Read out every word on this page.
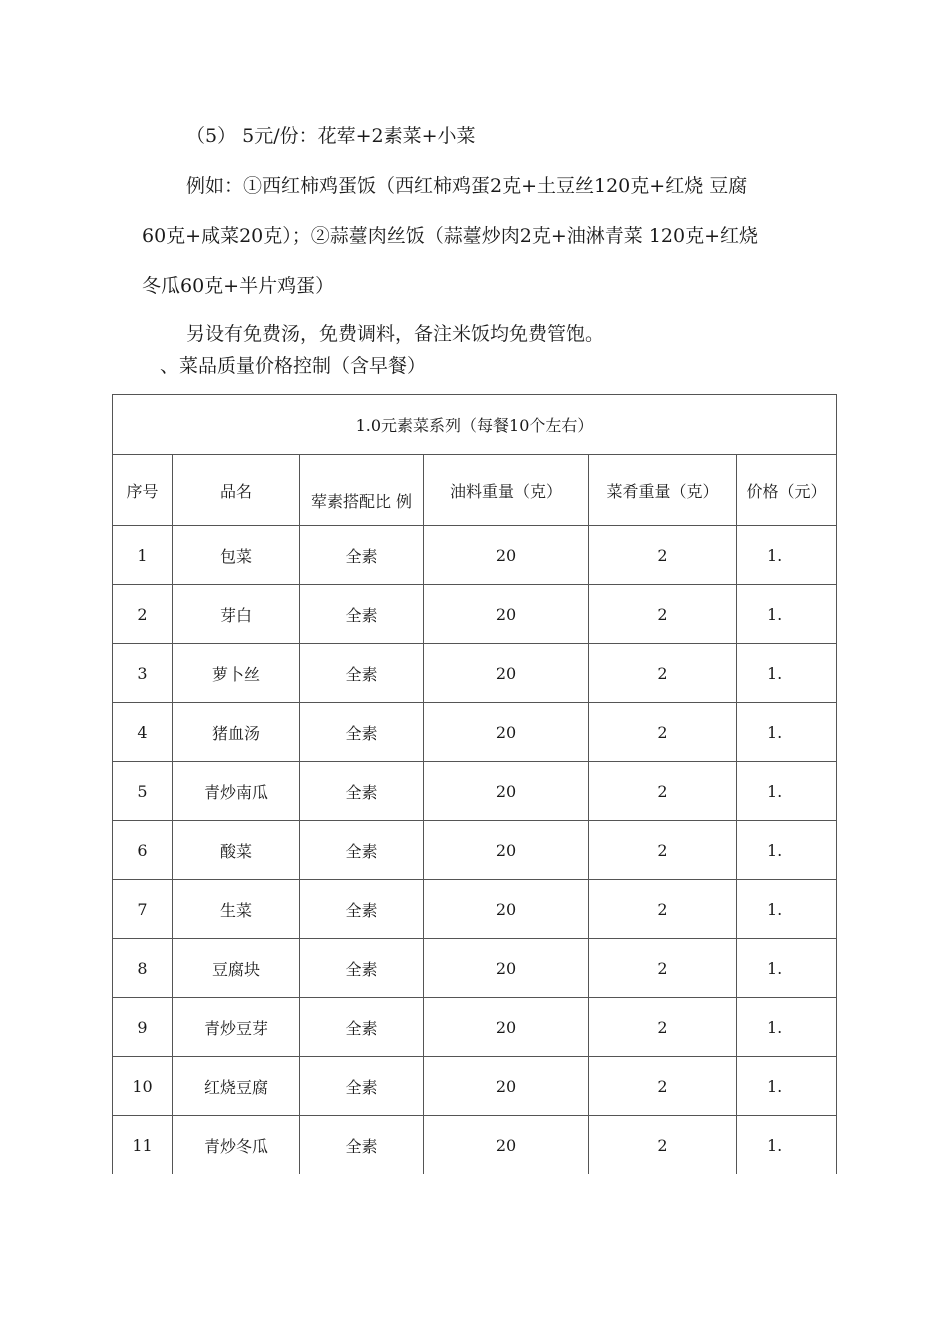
（5） 5元/份：花荤+2素菜+小菜
例如：①西红柿鸡蛋饭（西红柿鸡蛋2克+土豆丝120克+红烧 豆腐
60克+咸菜20克）；②蒜薹肉丝饭（蒜薹炒肉2克+油淋青菜 120克+红烧
冬瓜60克+半片鸡蛋）
另设有免费汤，免费调料，备注米饭均免费管饱。
、菜品质量价格控制（含早餐）
1.0元素菜系列（每餐10个左右）					
序号	品名	荤素搭配比 例	油料重量（克）	菜肴重量（克）	价格（元）
1	包菜	全素	20	2	1.
2	芽白	全素	20	2	1.
3	萝卜丝	全素	20	2	1.
4	猪血汤	全素	20	2	1.
5	青炒南瓜	全素	20	2	1.
6	酸菜	全素	20	2	1.
7	生菜	全素	20	2	1.
8	豆腐块	全素	20	2	1.
9	青炒豆芽	全素	20	2	1.
10	红烧豆腐	全素	20	2	1.
11	青炒冬瓜	全素	20	2	1.
